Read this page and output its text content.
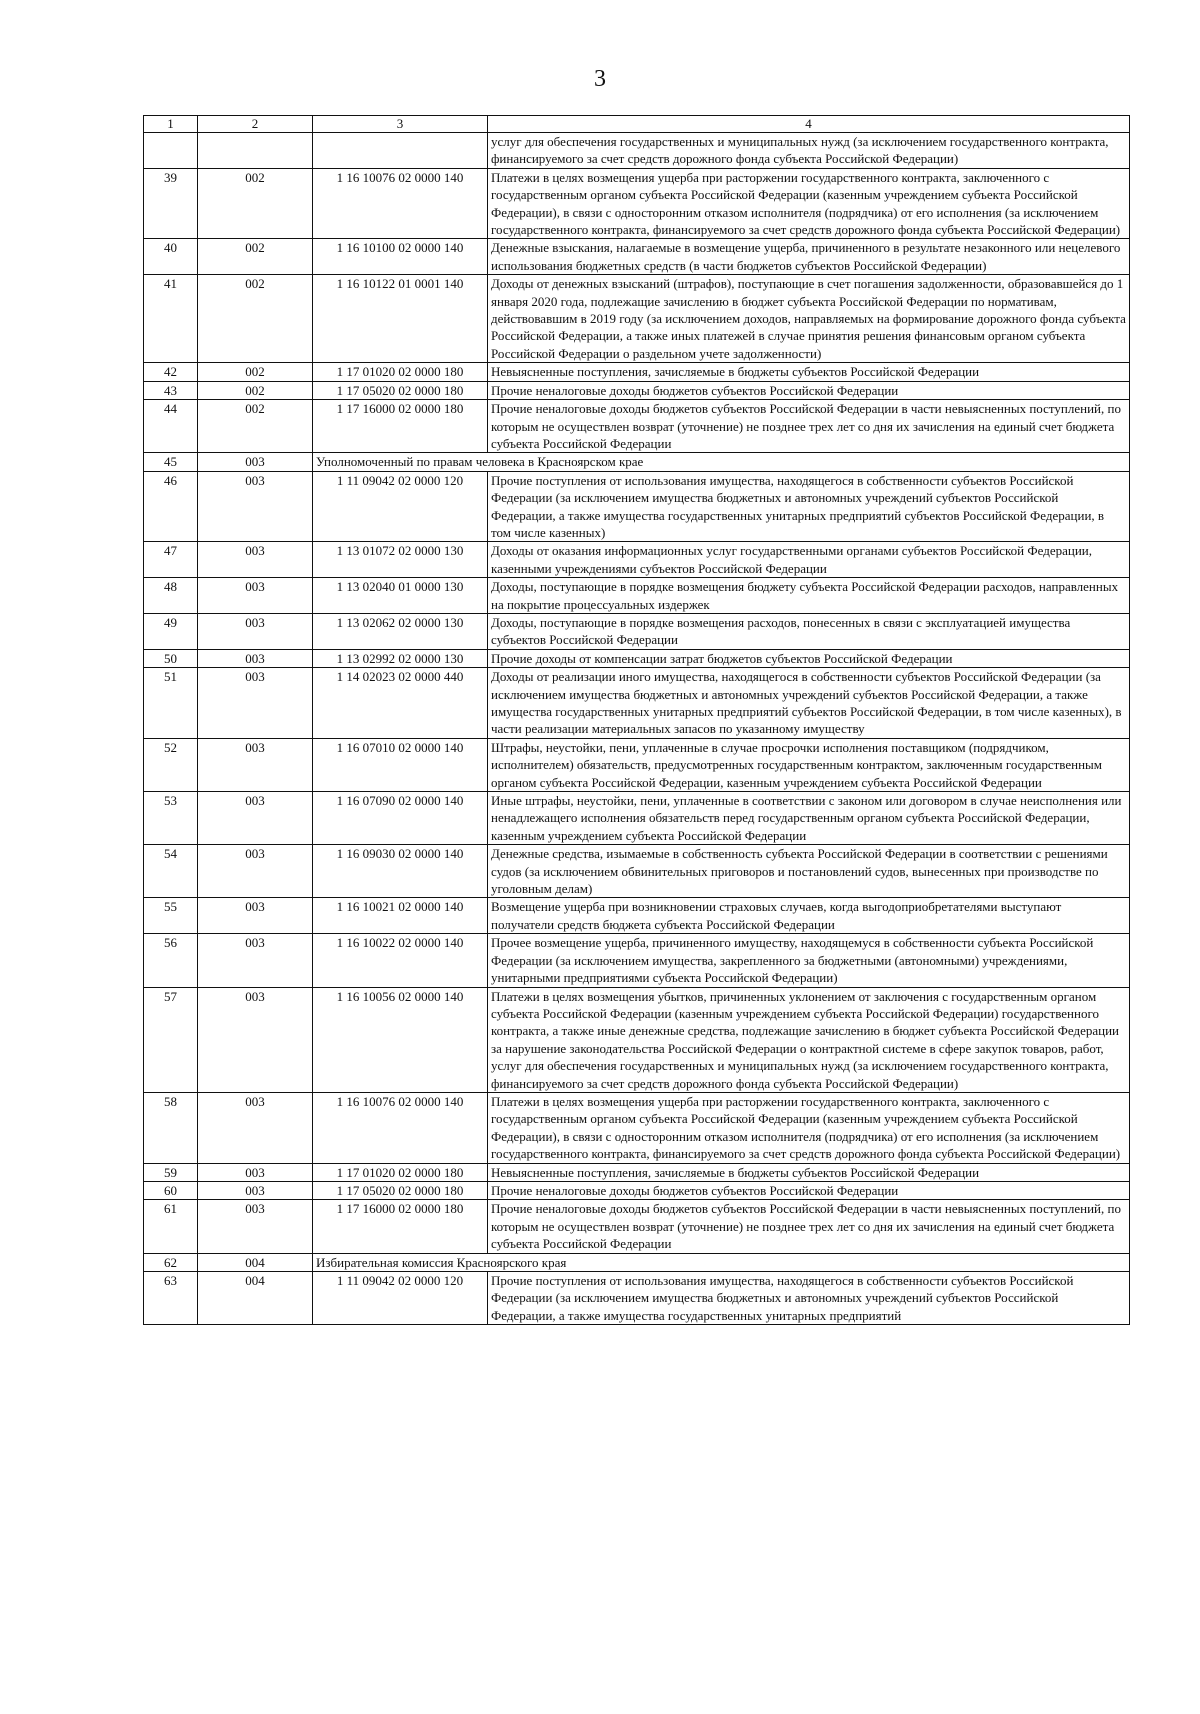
3
1	2	3	4
			услуг для обеспечения государственных и муниципальных нужд (за исключением государственного контракта, финансируемого за счет средств дорожного фонда субъекта Российской Федерации)
39	002	1 16 10076 02 0000 140	Платежи в целях возмещения ущерба при расторжении государственного контракта, заключенного с государственным органом субъекта Российской Федерации (казенным учреждением субъекта Российской Федерации), в связи с односторонним отказом исполнителя (подрядчика) от его исполнения (за исключением государственного контракта, финансируемого за счет средств дорожного фонда субъекта Российской Федерации)
40	002	1 16 10100 02 0000 140	Денежные взыскания, налагаемые в возмещение ущерба, причиненного в результате незаконного или нецелевого использования бюджетных средств (в части бюджетов субъектов Российской Федерации)
41	002	1 16 10122 01 0001 140	Доходы от денежных взысканий (штрафов), поступающие в счет погашения задолженности, образовавшейся до 1 января 2020 года, подлежащие зачислению в бюджет субъекта Российской Федерации по нормативам, действовавшим в 2019 году (за исключением доходов, направляемых на формирование дорожного фонда субъекта Российской Федерации, а также иных платежей в случае принятия решения финансовым органом субъекта Российской Федерации о раздельном учете задолженности)
42	002	1 17 01020 02 0000 180	Невыясненные поступления, зачисляемые в бюджеты субъектов Российской Федерации
43	002	1 17 05020 02 0000 180	Прочие неналоговые доходы бюджетов субъектов Российской Федерации
44	002	1 17 16000 02 0000 180	Прочие неналоговые доходы бюджетов субъектов Российской Федерации в части невыясненных поступлений, по которым не осуществлен возврат (уточнение) не позднее трех лет со дня их зачисления на единый счет бюджета субъекта Российской Федерации
45	003	Уполномоченный по правам человека в Красноярском крае	
46	003	1 11 09042 02 0000 120	Прочие поступления от использования имущества, находящегося в собственности субъектов Российской Федерации (за исключением имущества бюджетных и автономных учреждений субъектов Российской Федерации, а также имущества государственных унитарных предприятий субъектов Российской Федерации, в том числе казенных)
47	003	1 13 01072 02 0000 130	Доходы от оказания информационных услуг государственными органами субъектов Российской Федерации, казенными учреждениями субъектов Российской Федерации
48	003	1 13 02040 01 0000 130	Доходы, поступающие в порядке возмещения бюджету субъекта Российской Федерации расходов, направленных на покрытие процессуальных издержек
49	003	1 13 02062 02 0000 130	Доходы, поступающие в порядке возмещения расходов, понесенных в связи с эксплуатацией имущества субъектов Российской Федерации
50	003	1 13 02992 02 0000 130	Прочие доходы от компенсации затрат бюджетов субъектов Российской Федерации
51	003	1 14 02023 02 0000 440	Доходы от реализации иного имущества, находящегося в собственности субъектов Российской Федерации (за исключением имущества бюджетных и автономных учреждений субъектов Российской Федерации, а также имущества государственных унитарных предприятий субъектов Российской Федерации, в том числе казенных), в части реализации материальных запасов по указанному имуществу
52	003	1 16 07010 02 0000 140	Штрафы, неустойки, пени, уплаченные в случае просрочки исполнения поставщиком (подрядчиком, исполнителем) обязательств, предусмотренных государственным контрактом, заключенным государственным органом субъекта Российской Федерации, казенным учреждением субъекта Российской Федерации
53	003	1 16 07090 02 0000 140	Иные штрафы, неустойки, пени, уплаченные в соответствии с законом или договором в случае неисполнения или ненадлежащего исполнения обязательств перед государственным органом субъекта Российской Федерации, казенным учреждением субъекта Российской Федерации
54	003	1 16 09030 02 0000 140	Денежные средства, изымаемые в собственность субъекта Российской Федерации в соответствии с решениями судов (за исключением обвинительных приговоров и постановлений судов, вынесенных при производстве по уголовным делам)
55	003	1 16 10021 02 0000 140	Возмещение ущерба при возникновении страховых случаев, когда выгодоприобретателями выступают получатели средств бюджета субъекта Российской Федерации
56	003	1 16 10022 02 0000 140	Прочее возмещение ущерба, причиненного имуществу, находящемуся в собственности субъекта Российской Федерации (за исключением имущества, закрепленного за бюджетными (автономными) учреждениями, унитарными предприятиями субъекта Российской Федерации)
57	003	1 16 10056 02 0000 140	Платежи в целях возмещения убытков, причиненных уклонением от заключения с государственным органом субъекта Российской Федерации (казенным учреждением субъекта Российской Федерации) государственного контракта, а также иные денежные средства, подлежащие зачислению в бюджет субъекта Российской Федерации за нарушение законодательства Российской Федерации о контрактной системе в сфере закупок товаров, работ, услуг для обеспечения государственных и муниципальных нужд (за исключением государственного контракта, финансируемого за счет средств дорожного фонда субъекта Российской Федерации)
58	003	1 16 10076 02 0000 140	Платежи в целях возмещения ущерба при расторжении государственного контракта, заключенного с государственным органом субъекта Российской Федерации (казенным учреждением субъекта Российской Федерации), в связи с односторонним отказом исполнителя (подрядчика) от его исполнения (за исключением государственного контракта, финансируемого за счет средств дорожного фонда субъекта Российской Федерации)
59	003	1 17 01020 02 0000 180	Невыясненные поступления, зачисляемые в бюджеты субъектов Российской Федерации
60	003	1 17 05020 02 0000 180	Прочие неналоговые доходы бюджетов субъектов Российской Федерации
61	003	1 17 16000 02 0000 180	Прочие неналоговые доходы бюджетов субъектов Российской Федерации в части невыясненных поступлений, по которым не осуществлен возврат (уточнение) не позднее трех лет со дня их зачисления на единый счет бюджета субъекта Российской Федерации
62	004	Избирательная комиссия Красноярского края	
63	004	1 11 09042 02 0000 120	Прочие поступления от использования имущества, находящегося в собственности субъектов Российской Федерации (за исключением имущества бюджетных и автономных учреждений субъектов Российской Федерации, а также имущества государственных унитарных предприятий
